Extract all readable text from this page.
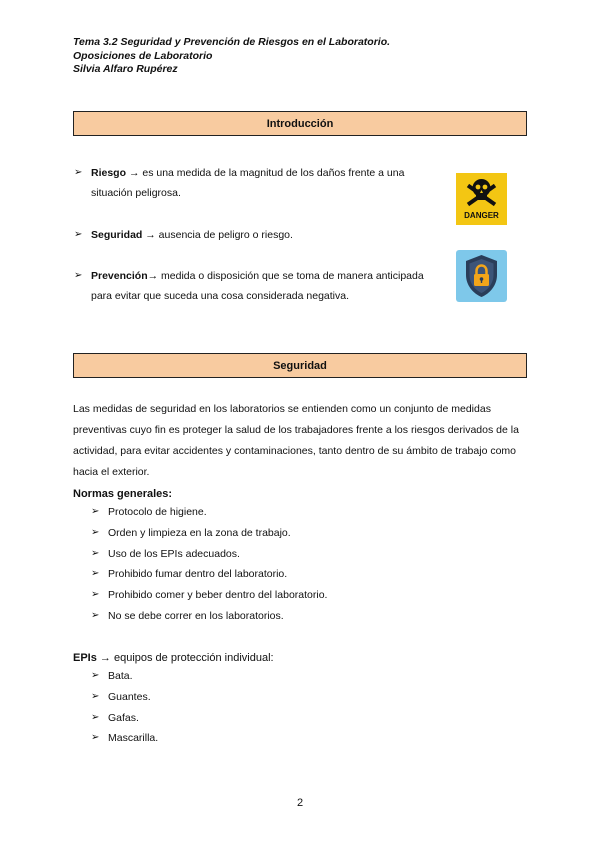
Tema 3.2 Seguridad y Prevención de Riesgos en el Laboratorio.
Oposiciones de Laboratorio
Silvia Alfaro Rupérez
Introducción
➢ Riesgo → es una medida de la magnitud de los daños frente a una situación peligrosa.
➢ Seguridad → ausencia de peligro o riesgo.
➢ Prevención→ medida o disposición que se toma de manera anticipada para evitar que suceda una cosa considerada negativa.
DANGER
Seguridad
Las medidas de seguridad en los laboratorios se entienden como un conjunto de medidas preventivas cuyo fin es proteger la salud de los trabajadores frente a los riesgos derivados de la actividad, para evitar accidentes y contaminaciones, tanto dentro de su ámbito de trabajo como hacia el exterior.
Normas generales:
➢ Protocolo de higiene.
➢ Orden y limpieza en la zona de trabajo.
➢ Uso de los EPIs adecuados.
➢ Prohibido fumar dentro del laboratorio.
➢ Prohibido comer y beber dentro del laboratorio.
➢ No se debe correr en los laboratorios.
EPIs → equipos de protección individual:
➢ Bata.
➢ Guantes.
➢ Gafas.
➢ Mascarilla.
2
